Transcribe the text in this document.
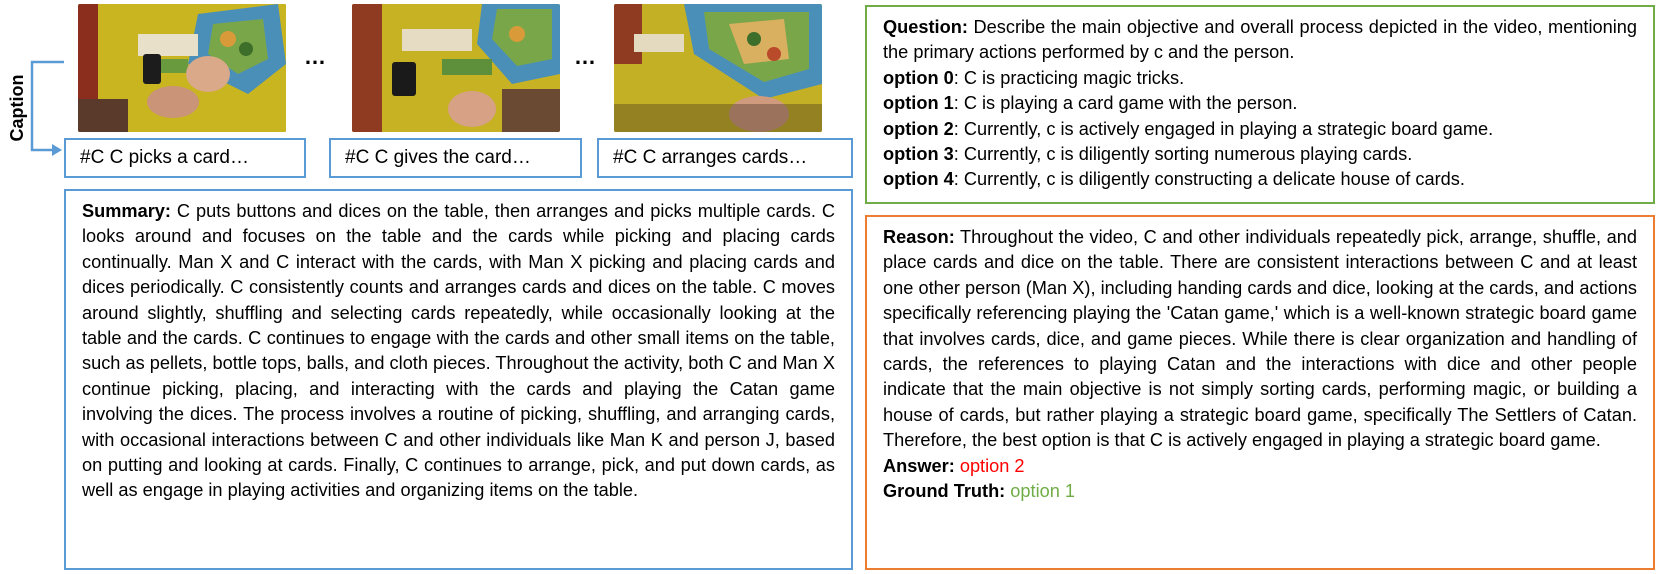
Caption
…	…
#C C picks a card…	#C C gives the card…	#C C arranges cards…
Summary: C puts buttons and dices on the table, then arranges and picks multiple cards. C looks around and focuses on the table and the cards while picking and placing cards continually. Man X and C interact with the cards, with Man X picking and placing cards and dices periodically. C consistently counts and arranges cards and dices on the table. C moves around slightly, shuffling and selecting cards repeatedly, while occasionally looking at the table and the cards. C continues to engage with the cards and other small items on the table, such as pellets, bottle tops, balls, and cloth pieces. Throughout the activity, both C and Man X continue picking, placing, and interacting with the cards and playing the Catan game involving the dices. The process involves a routine of picking, shuffling, and arranging cards, with occasional interactions between C and other individuals like Man K and person J, based on putting and looking at cards. Finally, C continues to arrange, pick, and put down cards, as well as engage in playing activities and organizing items on the table.
Question: Describe the main objective and overall process depicted in the video, mentioning the primary actions performed by c and the person.
option 0: C is practicing magic tricks.
option 1: C is playing a card game with the person.
option 2: Currently, c is actively engaged in playing a strategic board game.
option 3: Currently, c is diligently sorting numerous playing cards.
option 4: Currently, c is diligently constructing a delicate house of cards.
Reason: Throughout the video, C and other individuals repeatedly pick, arrange, shuffle, and place cards and dice on the table. There are consistent interactions between C and at least one other person (Man X), including handing cards and dice, looking at the cards, and actions specifically referencing playing the 'Catan game,' which is a well-known strategic board game that involves cards, dice, and game pieces. While there is clear organization and handling of cards, the references to playing Catan and the interactions with dice and other people indicate that the main objective is not simply sorting cards, performing magic, or building a house of cards, but rather playing a strategic board game, specifically The Settlers of Catan. Therefore, the best option is that C is actively engaged in playing a strategic board game.
Answer: option 2
Ground Truth: option 1
